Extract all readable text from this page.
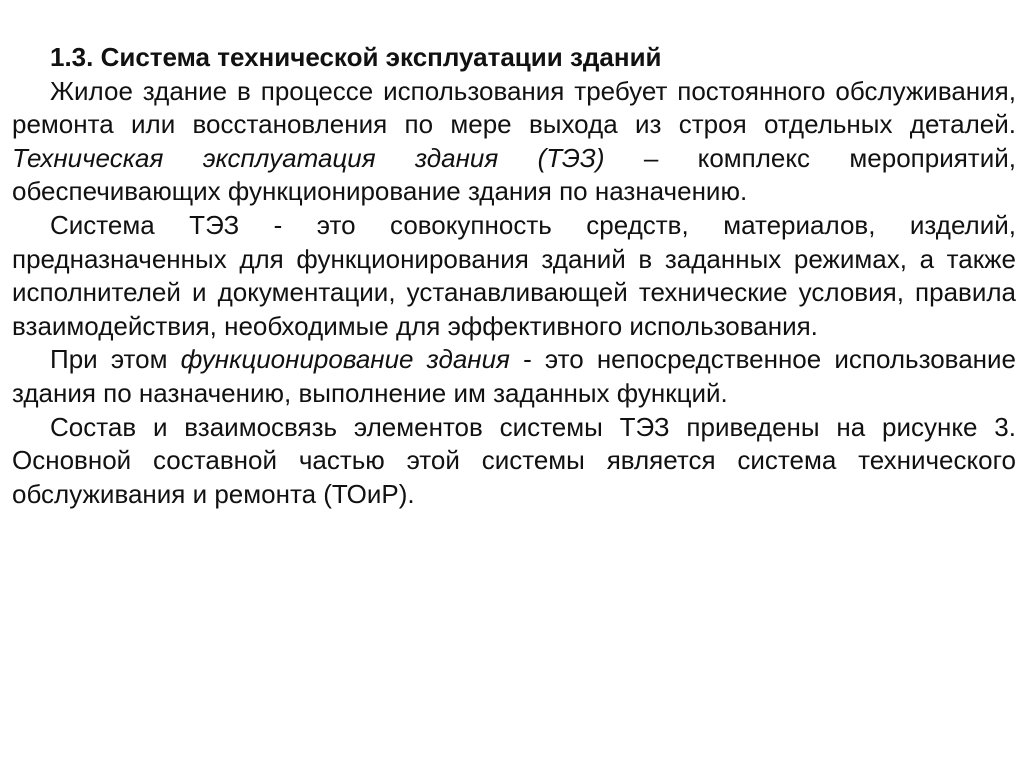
1.3. Система технической эксплуатации зданий

Жилое здание в процессе использования требует постоянного обслуживания, ремонта или восстановления по мере выхода из строя отдельных деталей. Техническая эксплуатация здания (ТЭЗ) – комплекс мероприятий, обеспечивающих функционирование здания по назначению.

Система ТЭЗ - это совокупность средств, материалов, изделий, предназначенных для функционирования зданий в заданных режимах, а также исполнителей и документации, устанавливающей технические условия, правила взаимодействия, необходимые для эффективного использования.

При этом функционирование здания - это непосредственное использование здания по назначению, выполнение им заданных функций.

Состав и взаимосвязь элементов системы ТЭЗ приведены на рисунке 3. Основной составной частью этой системы является система технического обслуживания и ремонта (ТОиР).
